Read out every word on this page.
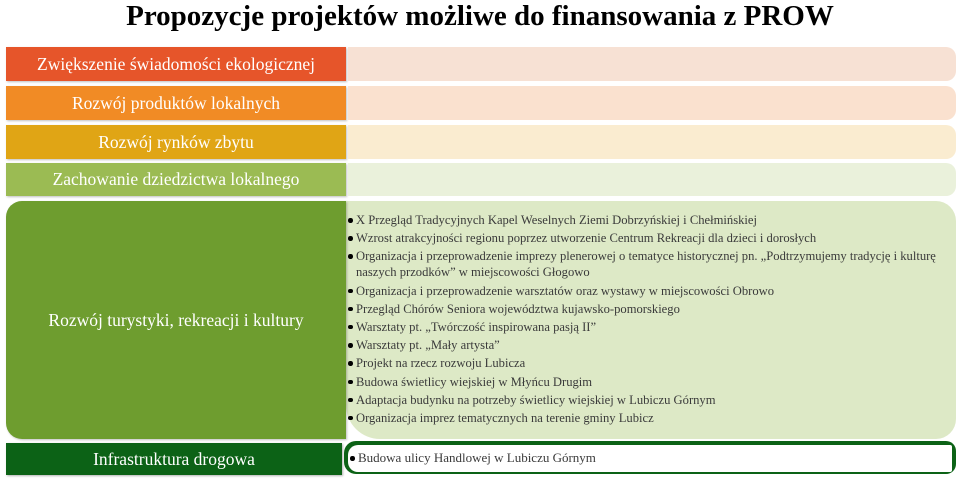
Propozycje projektów możliwe do finansowania z PROW
Zwiększenie świadomości ekologicznej
Rozwój produktów lokalnych
Rozwój rynków zbytu
Zachowanie dziedzictwa lokalnego
Rozwój turystyki, rekreacji i kultury
X Przegląd Tradycyjnych Kapel Weselnych Ziemi Dobrzyńskiej i Chełmińskiej
Wzrost atrakcyjności regionu poprzez utworzenie Centrum Rekreacji dla dzieci i dorosłych
Organizacja i przeprowadzenie imprezy plenerowej o tematyce historycznej pn. „Podtrzymujemy tradycję i kulturę naszych przodków” w miejscowości Głogowo
Organizacja i przeprowadzenie warsztatów oraz wystawy w miejscowości Obrowo
Przegląd Chórów Seniora województwa kujawsko-pomorskiego
Warsztaty pt. „Twórczość inspirowana pasją II”
Warsztaty pt. „Mały artysta”
Projekt na rzecz rozwoju Lubicza
Budowa świetlicy wiejskiej w Młyńcu Drugim
Adaptacja budynku na potrzeby świetlicy wiejskiej w Lubiczu Górnym
Organizacja imprez tematycznych na terenie gminy Lubicz
Infrastruktura drogowa	Budowa ulicy Handlowej w Lubiczu Górnym
